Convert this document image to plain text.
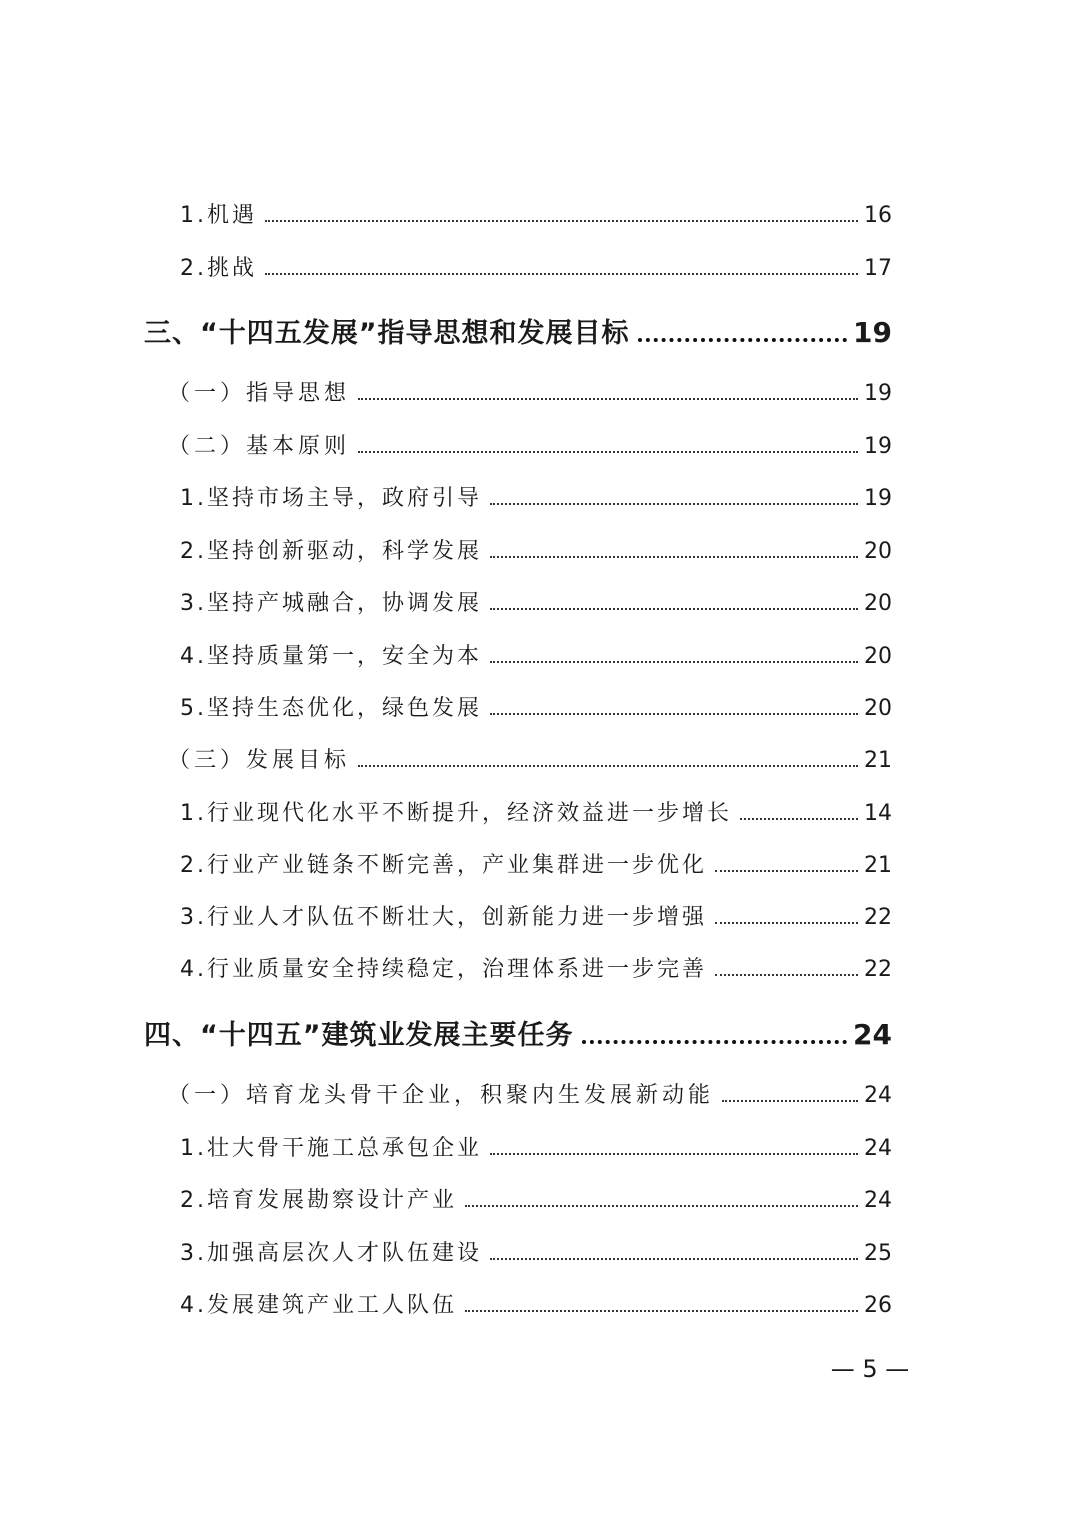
1.机遇	16
2.挑战	17
三、“十四五发展”指导思想和发展目标	19
（一）指导思想	19
（二）基本原则	19
1.坚持市场主导，政府引导	19
2.坚持创新驱动，科学发展	20
3.坚持产城融合，协调发展	20
4.坚持质量第一，安全为本	20
5.坚持生态优化，绿色发展	20
（三）发展目标	21
1.行业现代化水平不断提升，经济效益进一步增长	14
2.行业产业链条不断完善，产业集群进一步优化	21
3.行业人才队伍不断壮大，创新能力进一步增强	22
4.行业质量安全持续稳定，治理体系进一步完善	22
四、“十四五”建筑业发展主要任务	24
（一）培育龙头骨干企业，积聚内生发展新动能	24
1.壮大骨干施工总承包企业	24
2.培育发展勘察设计产业	24
3.加强高层次人才队伍建设	25
4.发展建筑产业工人队伍	26
— 5 —
